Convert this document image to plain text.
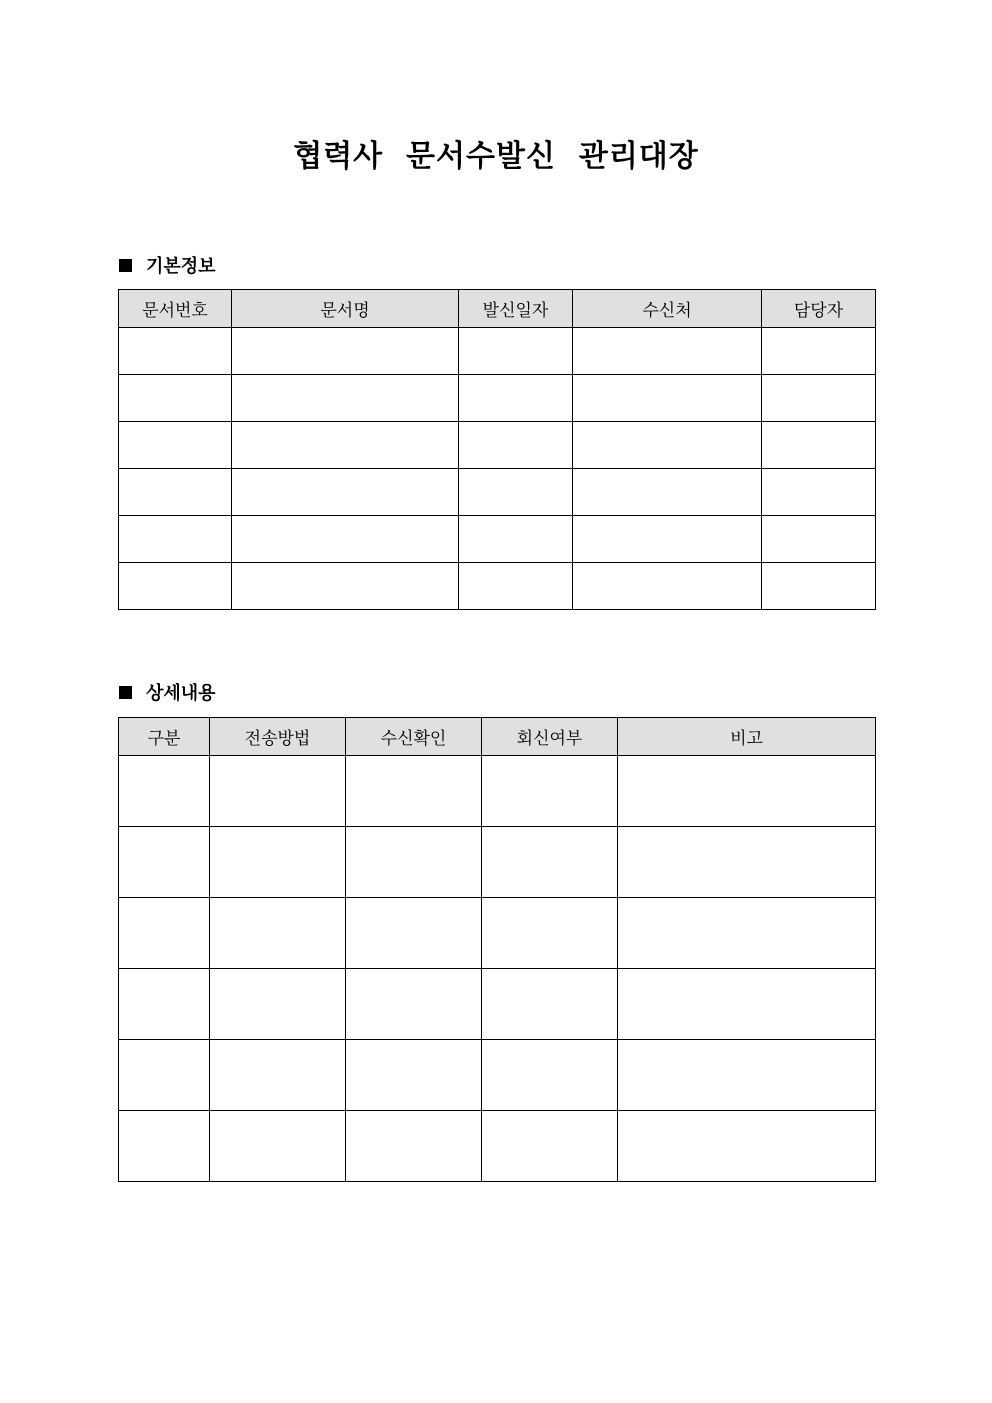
협력사  문서수발신  관리대장
기본정보
문서번호	문서명	발신일자	수신처	담당자

상세내용
구분	전송방법	수신확인	회신여부	비고
